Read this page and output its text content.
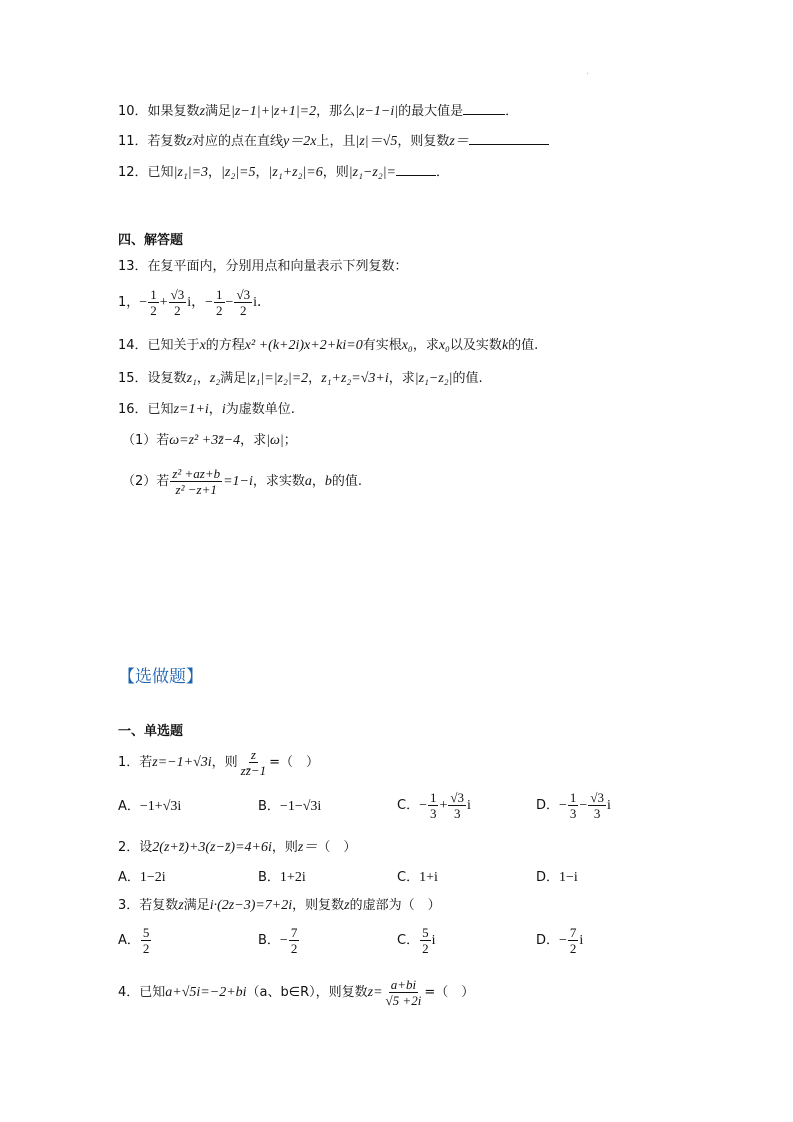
'
10．如果复数z满足|z−1|+|z+1|=2，那么|z−1−i|的最大值是	．
11．若复数z对应的点在直线y＝2x上，且|z|＝√5，则复数z＝
12．已知|z₁|=3，|z₂|=5，|z₁+z₂|=6，则|z₁−z₂|=	．
四、解答题
13．在复平面内，分别用点和向量表示下列复数：
1，− $\frac{1}{2} + \frac{√3}{2}$ i，− $\frac{1}{2} - \frac{√3}{2}$ i．
14．已知关于x的方程x² +(k+2i)x+2+ki=0有实根x₀，求x₀以及实数k的值.
15．设复数z₁，z₂满足|z₁|=|z₂|=2，z₁+z₂=√3+i，求|z₁−z₂|的值.
16．已知z=1+i，i为虚数单位.
（1）若ω=z² +3z̄−4，求|ω|；
（2）若 $\frac{\text{z² +az+b}}{\text{z² −z+1}} =1-i$，求实数a，b的值.
【选做题】
一、单选题
1．若z=−1+√3i，则 $\frac{z}{zz̄-1}$ =（　）
A．−1+√3i	B．−1−√3i	C．− $\frac{1}{3} + \frac{√3}{3}$ i	D．− $\frac{1}{3} - \frac{√3}{3}$ i
2．设2(z+z̄)+3(z−z̄)=4+6i，则z＝（　）
A．1−2i	B．1+2i	C．1+i	D．1−i
3．若复数z满足i·(2z−3)=7+2i，则复数z的虚部为（　）
A． $\frac{5}{2}$	B．− $\frac{7}{2}$	C． $\frac{5}{2}$ i	D．− $\frac{7}{2}$ i
4．已知a+√5i=−2+bi（a、b∈R），则复数$z= \frac{a+bi}{√5 +2i}$ =（　）
